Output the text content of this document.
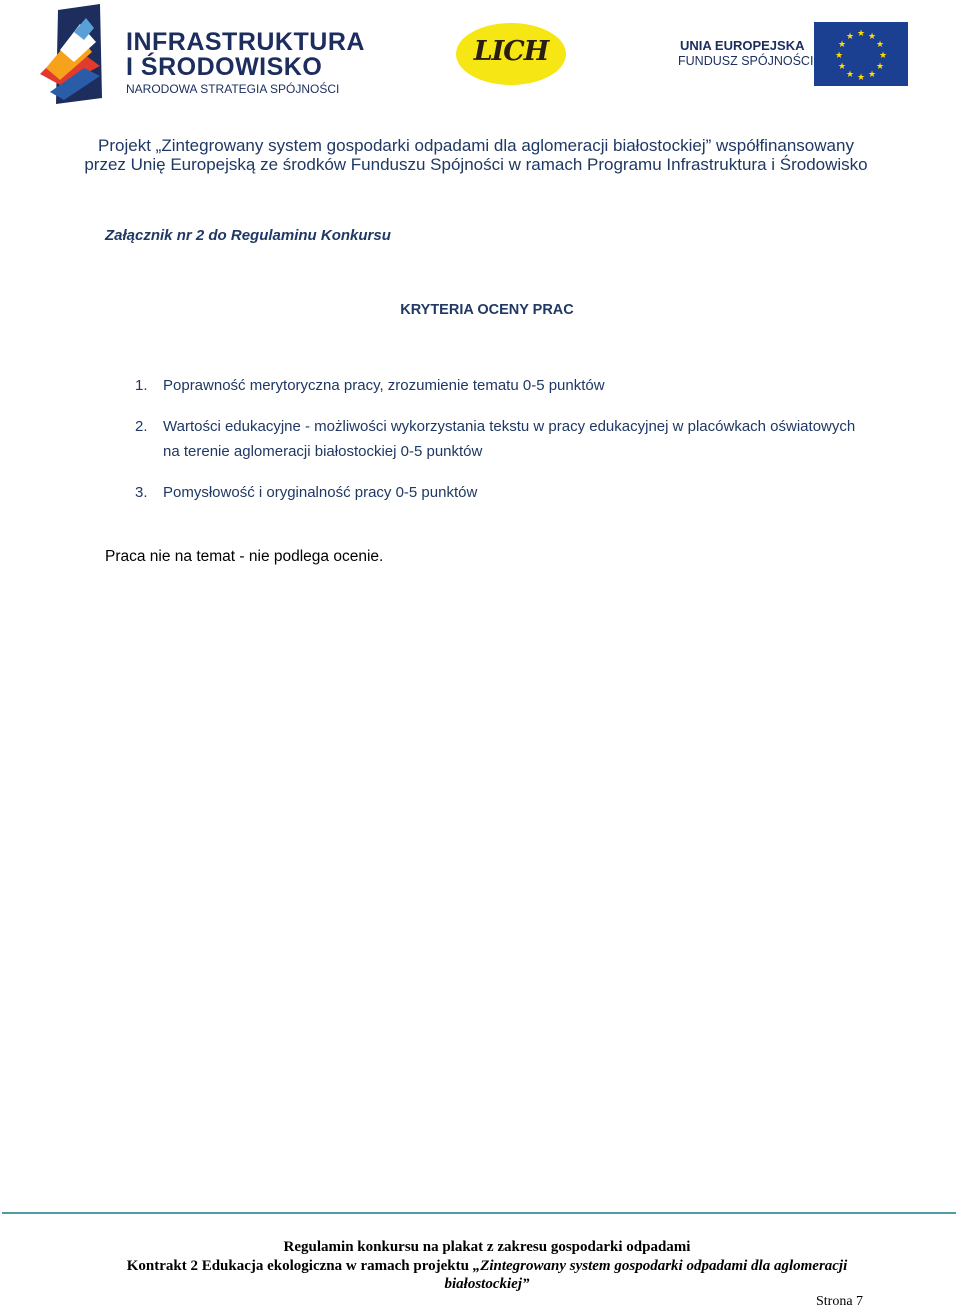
INFRASTRUKTURA
I ŚRODOWISKO
NARODOWA STRATEGIA SPÓJNOŚCI
LICH	UNIA EUROPEJSKA
FUNDUSZ SPÓJNOŚCI
★ ★
★
★
★
★
★
★
★
★
★
★
Projekt „Zintegrowany system gospodarki odpadami dla aglomeracji białostockiej” współfinansowany
przez Unię Europejską ze środków Funduszu Spójności w ramach Programu Infrastruktura i Środowisko
Załącznik nr 2 do Regulaminu Konkursu
KRYTERIA OCENY PRAC
1. Poprawność merytoryczna pracy, zrozumienie tematu 0-5 punktów
2. Wartości edukacyjne - możliwości wykorzystania tekstu w pracy edukacyjnej w placówkach oświatowych na terenie aglomeracji białostockiej 0-5 punktów
3. Pomysłowość i oryginalność pracy 0-5 punktów
Praca nie na temat - nie podlega ocenie.
Regulamin konkursu na plakat z zakresu gospodarki odpadami
Kontrakt 2 Edukacja ekologiczna w ramach projektu „Zintegrowany system gospodarki odpadami dla aglomeracji
białostockiej”
Strona 7
